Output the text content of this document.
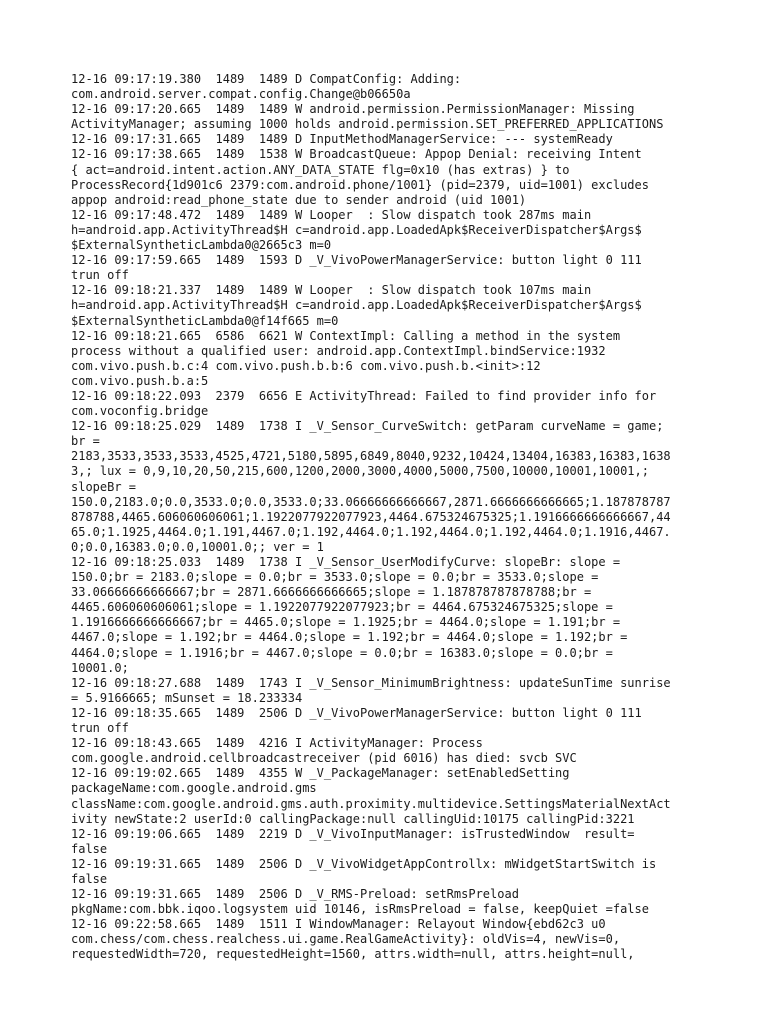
12-16 09:17:19.380  1489  1489 D CompatConfig: Adding:
com.android.server.compat.config.Change@b06650a
12-16 09:17:20.665  1489  1489 W android.permission.PermissionManager: Missing
ActivityManager; assuming 1000 holds android.permission.SET_PREFERRED_APPLICATIONS
12-16 09:17:31.665  1489  1489 D InputMethodManagerService: --- systemReady
12-16 09:17:38.665  1489  1538 W BroadcastQueue: Appop Denial: receiving Intent
{ act=android.intent.action.ANY_DATA_STATE flg=0x10 (has extras) } to
ProcessRecord{1d901c6 2379:com.android.phone/1001} (pid=2379, uid=1001) excludes
appop android:read_phone_state due to sender android (uid 1001)
12-16 09:17:48.472  1489  1489 W Looper  : Slow dispatch took 287ms main
h=android.app.ActivityThread$H c=android.app.LoadedApk$ReceiverDispatcher$Args$
$ExternalSyntheticLambda0@2665c3 m=0
12-16 09:17:59.665  1489  1593 D _V_VivoPowerManagerService: button light 0 111
trun off
12-16 09:18:21.337  1489  1489 W Looper  : Slow dispatch took 107ms main
h=android.app.ActivityThread$H c=android.app.LoadedApk$ReceiverDispatcher$Args$
$ExternalSyntheticLambda0@f14f665 m=0
12-16 09:18:21.665  6586  6621 W ContextImpl: Calling a method in the system
process without a qualified user: android.app.ContextImpl.bindService:1932
com.vivo.push.b.c:4 com.vivo.push.b.b:6 com.vivo.push.b.<init>:12
com.vivo.push.b.a:5
12-16 09:18:22.093  2379  6656 E ActivityThread: Failed to find provider info for
com.voconfig.bridge
12-16 09:18:25.029  1489  1738 I _V_Sensor_CurveSwitch: getParam curveName = game;
br =
2183,3533,3533,3533,4525,4721,5180,5895,6849,8040,9232,10424,13404,16383,16383,1638
3,; lux = 0,9,10,20,50,215,600,1200,2000,3000,4000,5000,7500,10000,10001,10001,;
slopeBr =
150.0,2183.0;0.0,3533.0;0.0,3533.0;33.06666666666667,2871.6666666666665;1.187878787
878788,4465.606060606061;1.1922077922077923,4464.675324675325;1.1916666666666667,44
65.0;1.1925,4464.0;1.191,4467.0;1.192,4464.0;1.192,4464.0;1.192,4464.0;1.1916,4467.
0;0.0,16383.0;0.0,10001.0;; ver = 1
12-16 09:18:25.033  1489  1738 I _V_Sensor_UserModifyCurve: slopeBr: slope =
150.0;br = 2183.0;slope = 0.0;br = 3533.0;slope = 0.0;br = 3533.0;slope =
33.06666666666667;br = 2871.6666666666665;slope = 1.187878787878788;br =
4465.606060606061;slope = 1.1922077922077923;br = 4464.675324675325;slope =
1.1916666666666667;br = 4465.0;slope = 1.1925;br = 4464.0;slope = 1.191;br =
4467.0;slope = 1.192;br = 4464.0;slope = 1.192;br = 4464.0;slope = 1.192;br =
4464.0;slope = 1.1916;br = 4467.0;slope = 0.0;br = 16383.0;slope = 0.0;br =
10001.0;
12-16 09:18:27.688  1489  1743 I _V_Sensor_MinimumBrightness: updateSunTime sunrise
= 5.9166665; mSunset = 18.233334
12-16 09:18:35.665  1489  2506 D _V_VivoPowerManagerService: button light 0 111
trun off
12-16 09:18:43.665  1489  4216 I ActivityManager: Process
com.google.android.cellbroadcastreceiver (pid 6016) has died: svcb SVC
12-16 09:19:02.665  1489  4355 W _V_PackageManager: setEnabledSetting
packageName:com.google.android.gms
className:com.google.android.gms.auth.proximity.multidevice.SettingsMaterialNextAct
ivity newState:2 userId:0 callingPackage:null callingUid:10175 callingPid:3221
12-16 09:19:06.665  1489  2219 D _V_VivoInputManager: isTrustedWindow  result=
false
12-16 09:19:31.665  1489  2506 D _V_VivoWidgetAppControllx: mWidgetStartSwitch is
false
12-16 09:19:31.665  1489  2506 D _V_RMS-Preload: setRmsPreload
pkgName:com.bbk.iqoo.logsystem uid 10146, isRmsPreload = false, keepQuiet =false
12-16 09:22:58.665  1489  1511 I WindowManager: Relayout Window{ebd62c3 u0
com.chess/com.chess.realchess.ui.game.RealGameActivity}: oldVis=4, newVis=0,
requestedWidth=720, requestedHeight=1560, attrs.width=null, attrs.height=null,
